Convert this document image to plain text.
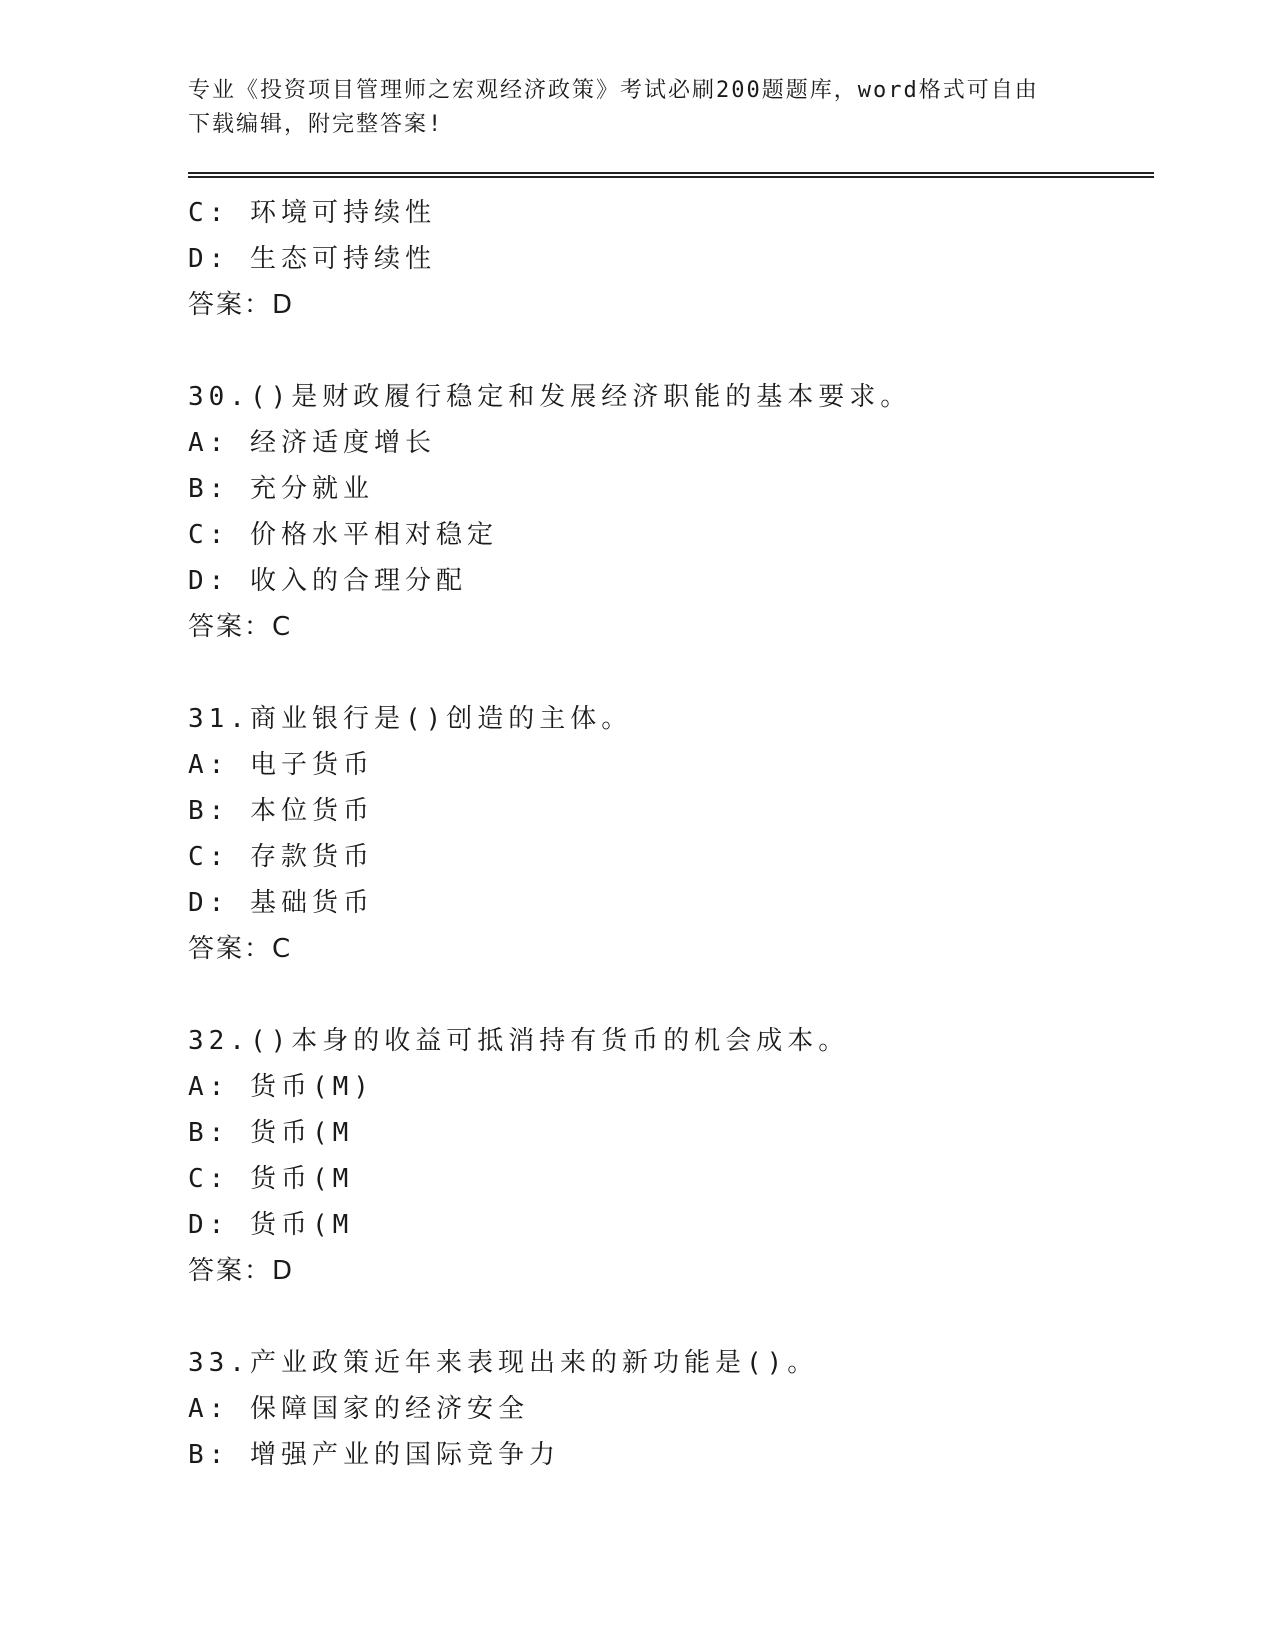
专业《投资项目管理师之宏观经济政策》考试必刷200题题库，word格式可自由
下载编辑，附完整答案!
C: 环境可持续性
D: 生态可持续性
答案：D
30.()是财政履行稳定和发展经济职能的基本要求。
A: 经济适度增长
B: 充分就业
C: 价格水平相对稳定
D: 收入的合理分配
答案：C
31.商业银行是()创造的主体。
A: 电子货币
B: 本位货币
C: 存款货币
D: 基础货币
答案：C
32.()本身的收益可抵消持有货币的机会成本。
A: 货币(M)
B: 货币(M
C: 货币(M
D: 货币(M
答案：D
33.产业政策近年来表现出来的新功能是()。
A: 保障国家的经济安全
B: 增强产业的国际竞争力
